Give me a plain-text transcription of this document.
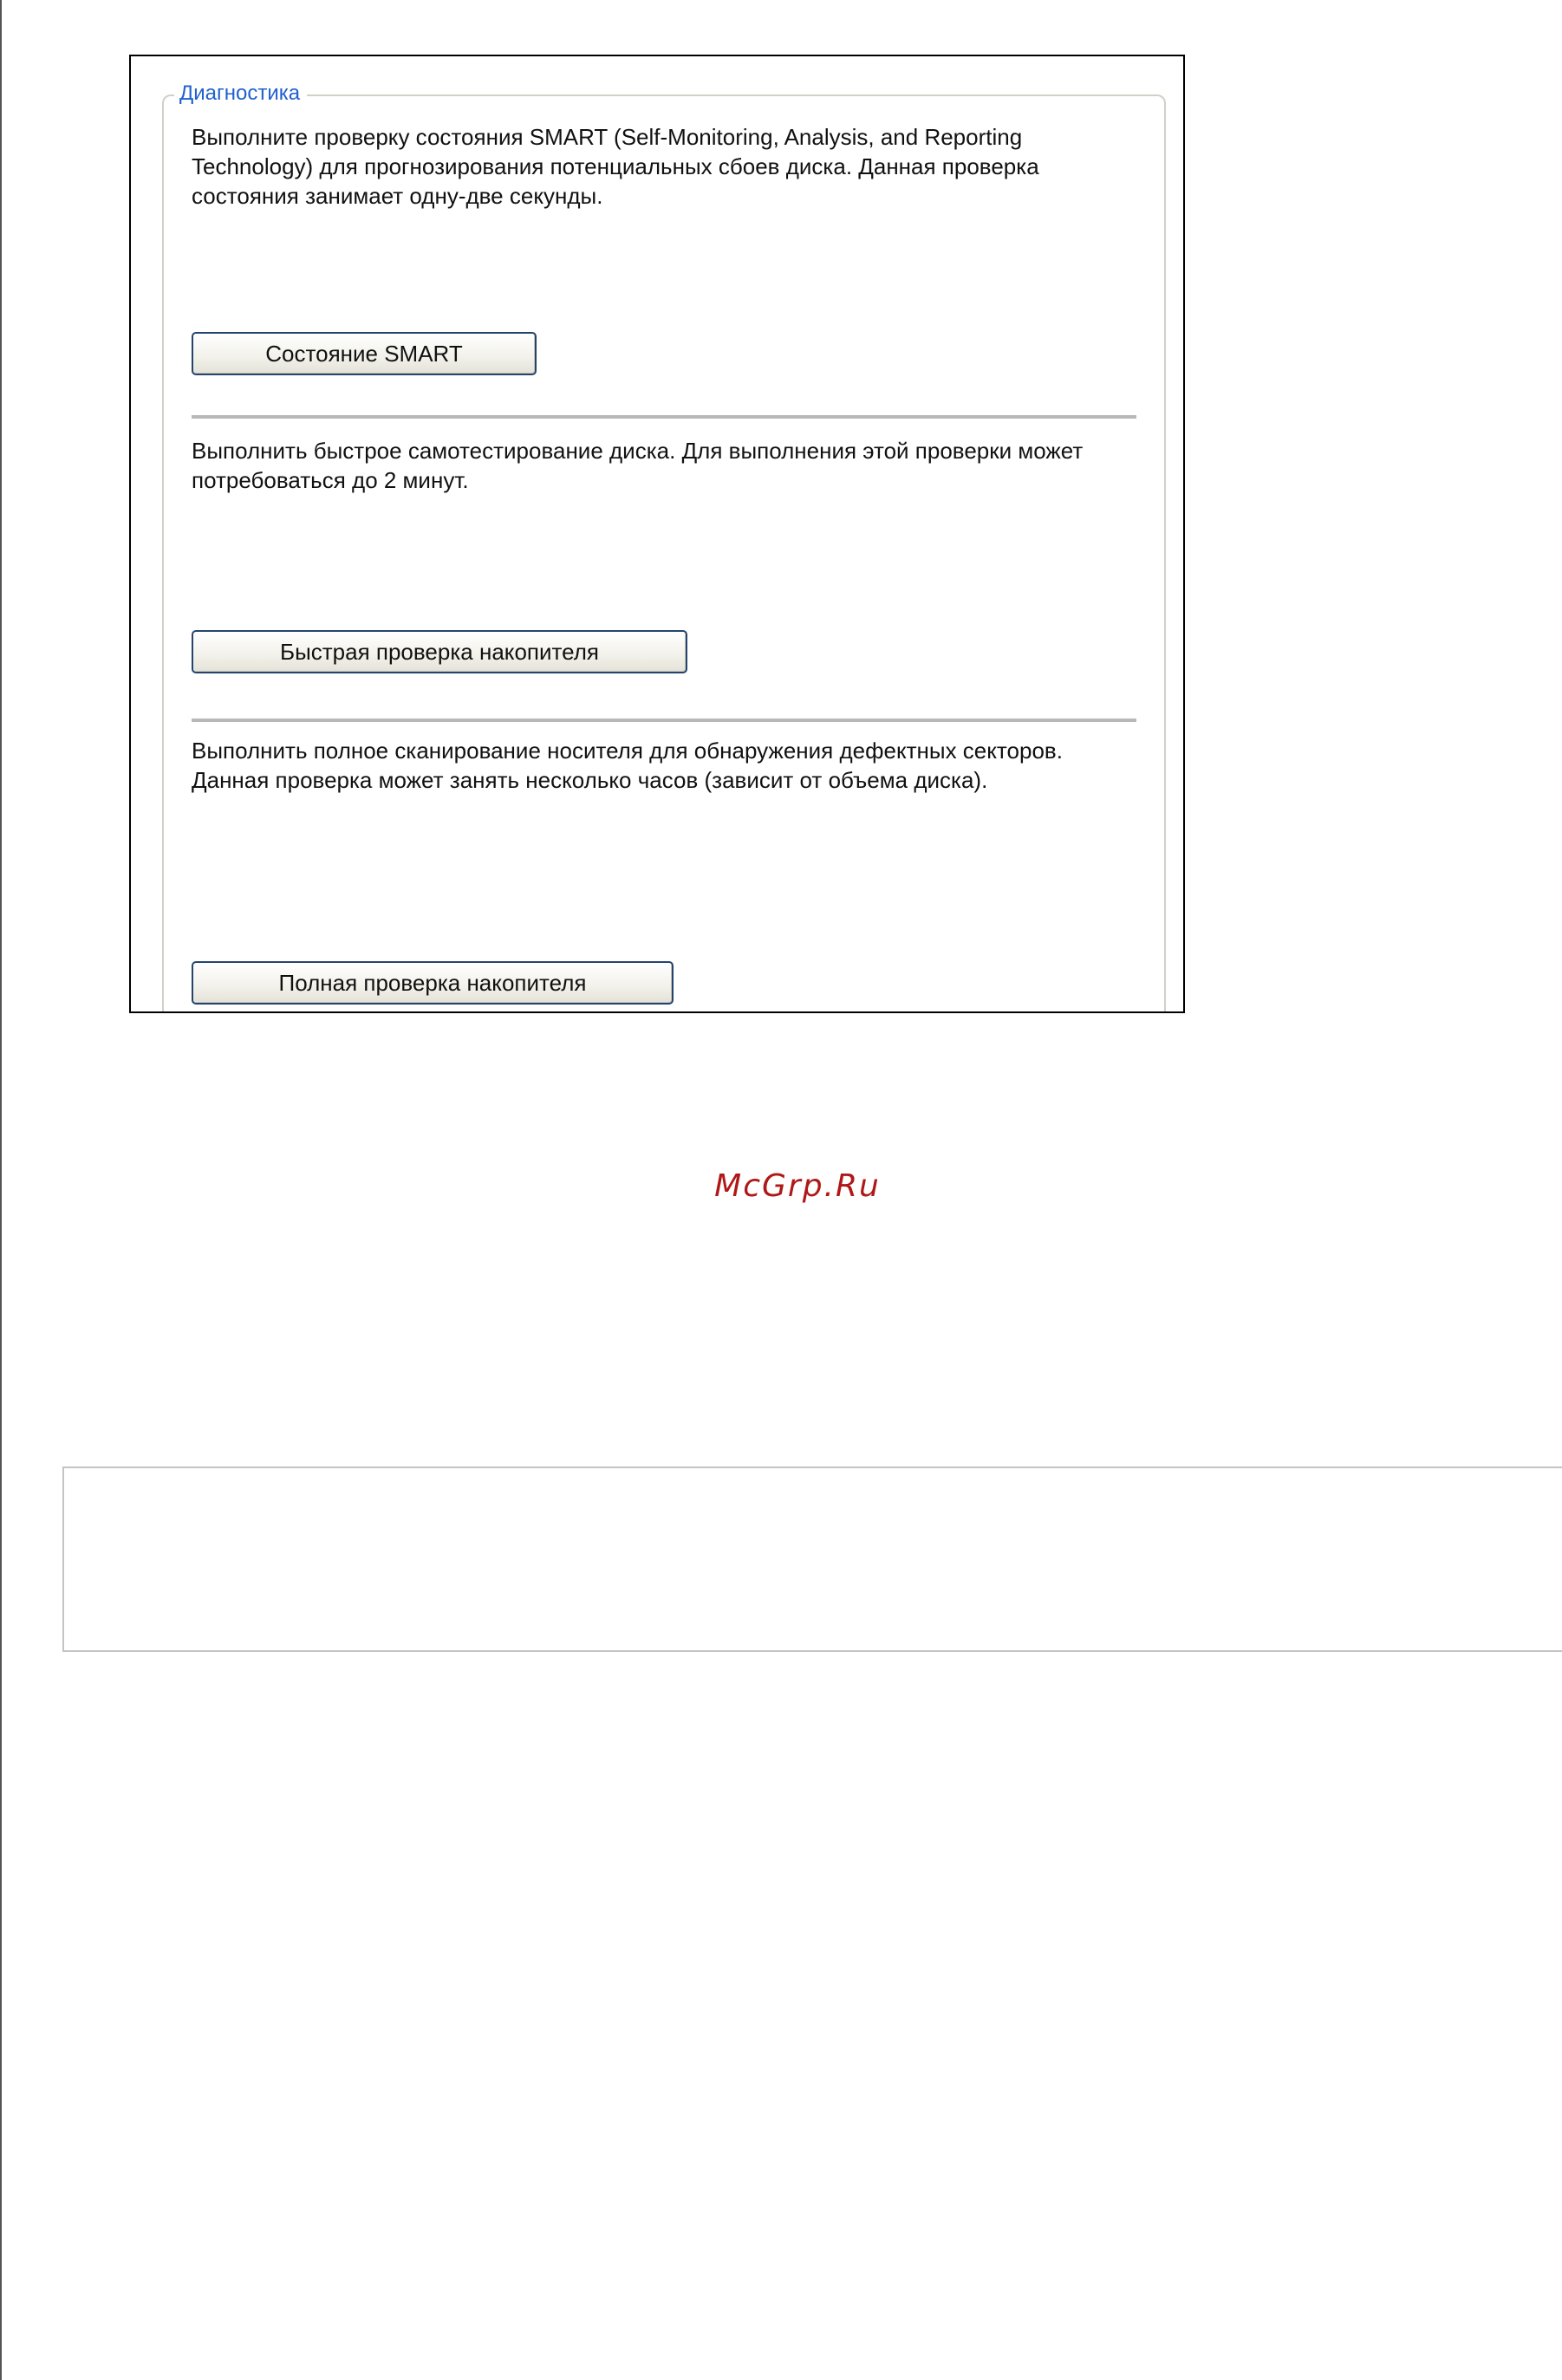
Диагностика
Выполните проверку состояния SMART (Self-Monitoring, Analysis, and Reporting Technology) для прогнозирования потенциальных сбоев диска. Данная проверка состояния занимает одну-две секунды.
Состояние SMART
Выполнить быстрое самотестирование диска. Для выполнения этой проверки может потребоваться до 2 минут.
Быстрая проверка накопителя
Выполнить полное сканирование носителя для обнаружения дефектных секторов. Данная проверка может занять несколько часов (зависит от объема диска).
Полная проверка накопителя
McGrp.Ru
